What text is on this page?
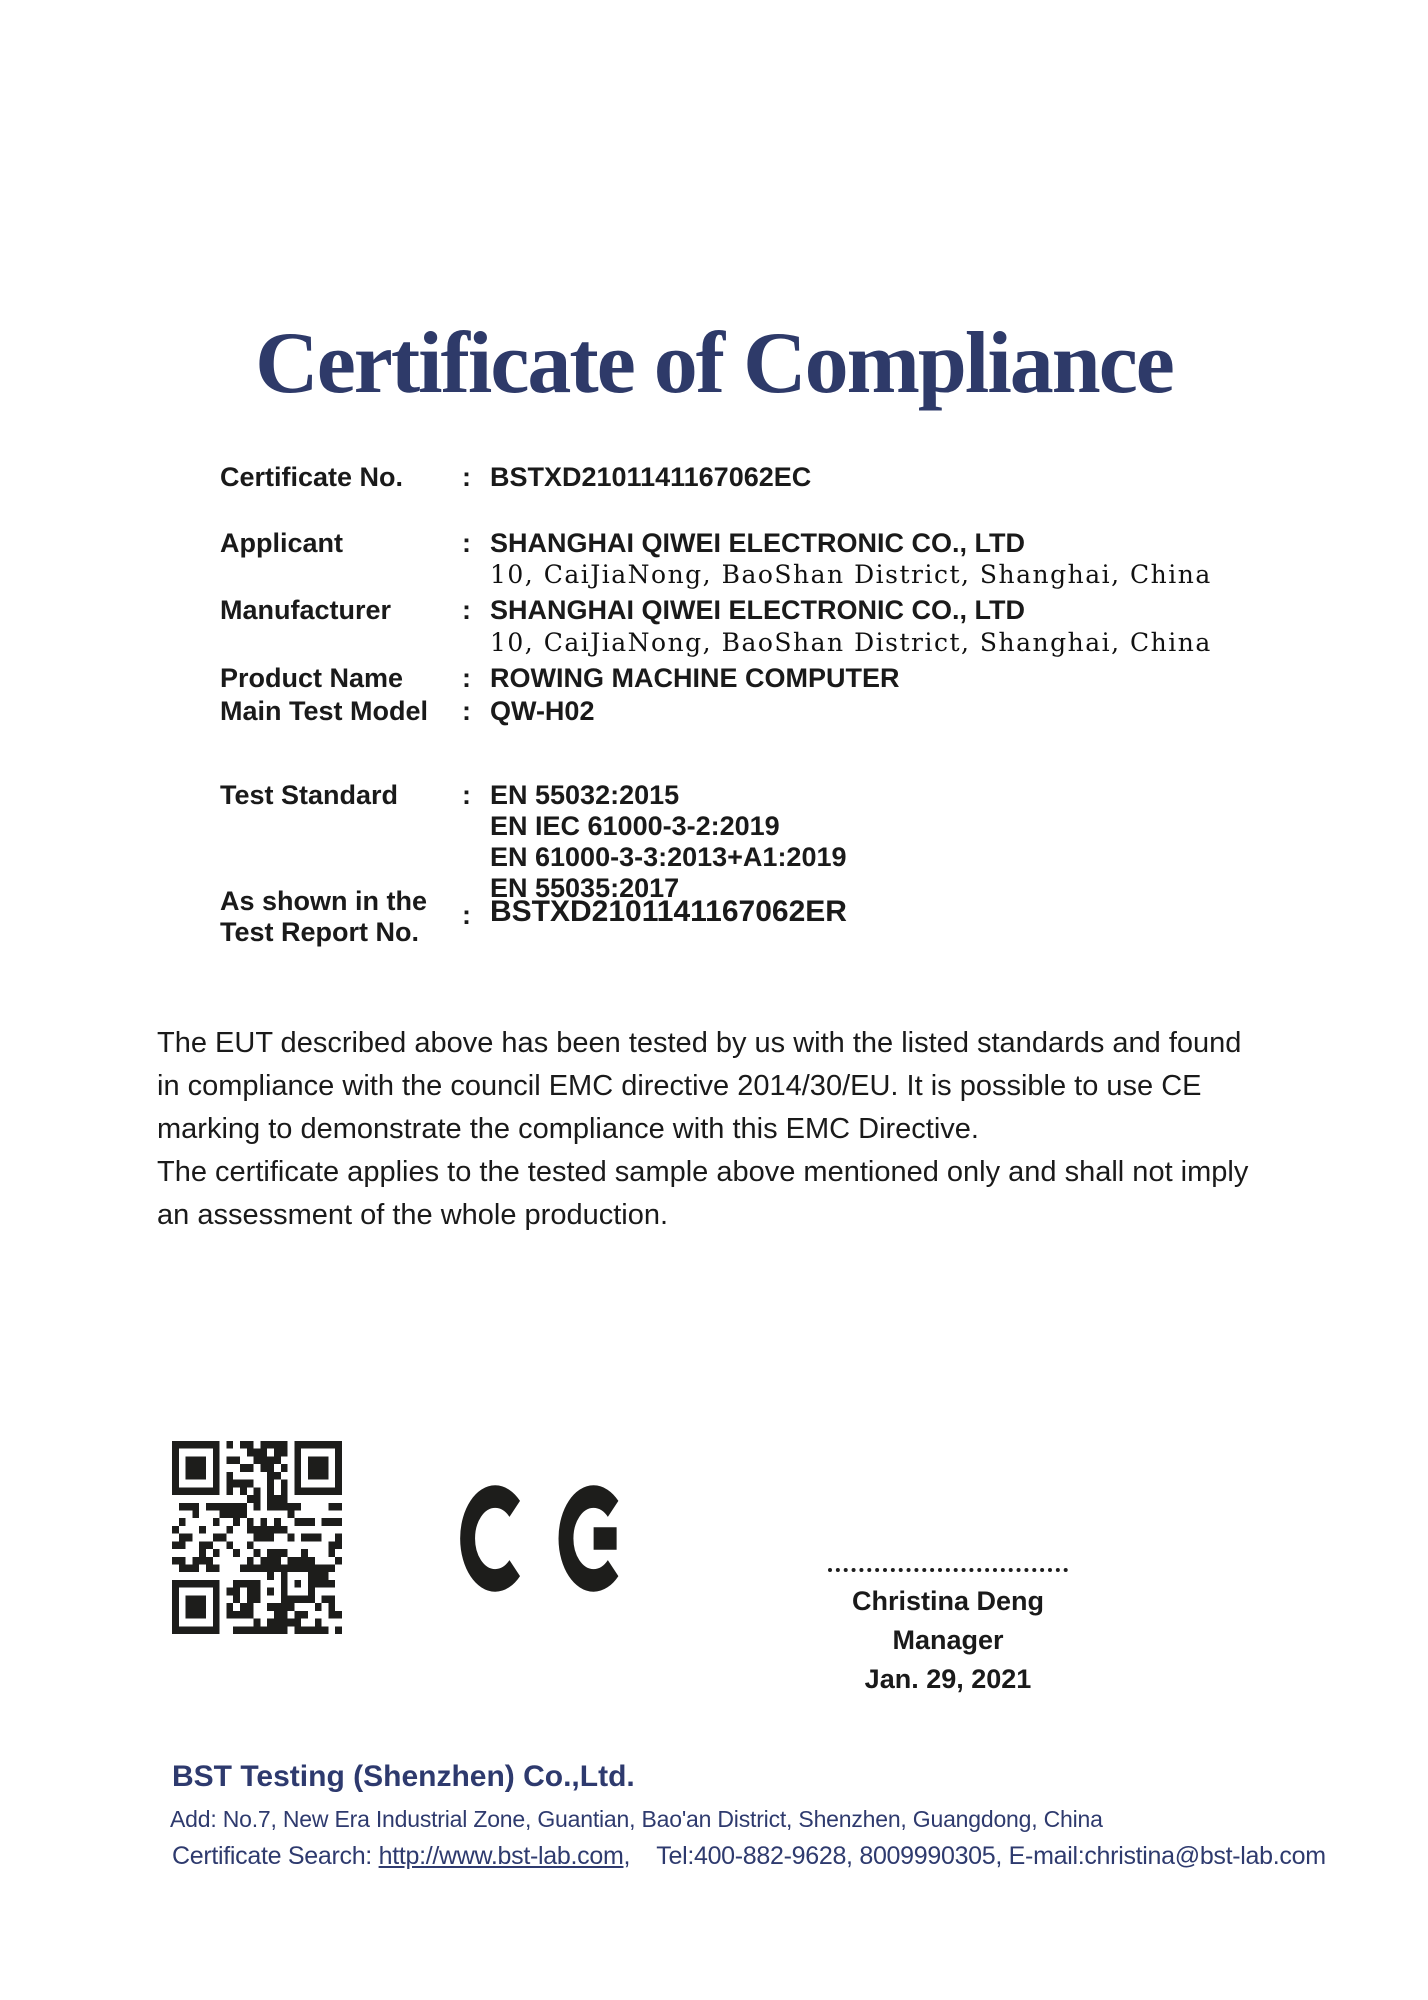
Certificate of Compliance
Certificate No.	: BSTXD2101141167062EC
Applicant	: SHANGHAI QIWEI ELECTRONIC CO., LTD
10, CaiJiaNong, BaoShan District, Shanghai, China
Manufacturer	: SHANGHAI QIWEI ELECTRONIC CO., LTD
10, CaiJiaNong, BaoShan District, Shanghai, China
Product Name	: ROWING MACHINE COMPUTER
Main Test Model	: QW-H02
Test Standard	: EN 55032:2015
EN IEC 61000-3-2:2019
EN 61000-3-3:2013+A1:2019
EN 55035:2017
As shown in the
Test Report No.
: BSTXD2101141167062ER
The EUT described above has been tested by us with the listed standards and found
in compliance with the council EMC directive 2014/30/EU. It is possible to use CE
marking to demonstrate the compliance with this EMC Directive.
The certificate applies to the tested sample above mentioned only and shall not imply
an assessment of the whole production.
Christina Deng
Manager
Jan. 29, 2021
BST Testing (Shenzhen) Co.,Ltd.
Add: No.7, New Era Industrial Zone, Guantian, Bao'an District, Shenzhen, Guangdong, China
Certificate Search: http://www.bst-lab.com,    Tel:400-882-9628, 8009990305, E-mail:christina@bst-lab.com
